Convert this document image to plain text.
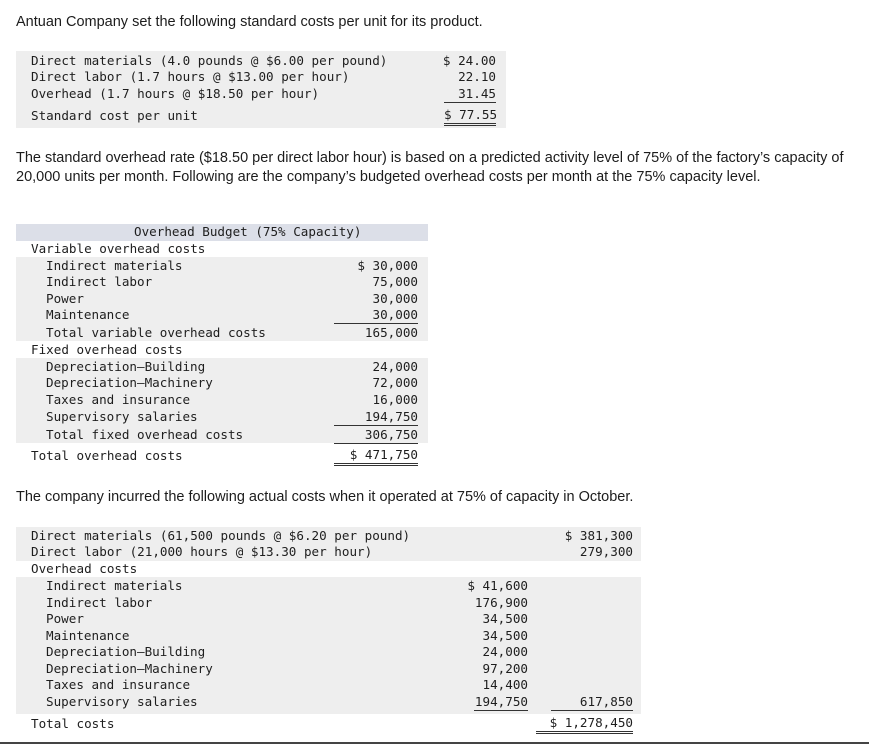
Antuan Company set the following standard costs per unit for its product.
Direct materials (4.0 pounds @ $6.00 per pound)	$ 24.00
Direct labor (1.7 hours @ $13.00 per hour)	22.10
Overhead (1.7 hours @ $18.50 per hour)	31.45
Standard cost per unit	$ 77.55
The standard overhead rate ($18.50 per direct labor hour) is based on a predicted activity level of 75% of the factory’s capacity of 20,000 units per month. Following are the company’s budgeted overhead costs per month at the 75% capacity level.
Overhead Budget (75% Capacity)
Variable overhead costs
Indirect materials	$ 30,000
Indirect labor	75,000
Power	30,000
Maintenance	30,000
Total variable overhead costs	165,000
Fixed overhead costs
Depreciation—Building	24,000
Depreciation—Machinery	72,000
Taxes and insurance	16,000
Supervisory salaries	194,750
Total fixed overhead costs	306,750
Total overhead costs	$ 471,750
The company incurred the following actual costs when it operated at 75% of capacity in October.
Direct materials (61,500 pounds @ $6.20 per pound)	$ 381,300
Direct labor (21,000 hours @ $13.30 per hour)	279,300
Overhead costs
Indirect materials	$ 41,600
Indirect labor	176,900
Power	34,500
Maintenance	34,500
Depreciation—Building	24,000
Depreciation—Machinery	97,200
Taxes and insurance	14,400
Supervisory salaries	194,750	617,850
Total costs	$ 1,278,450
